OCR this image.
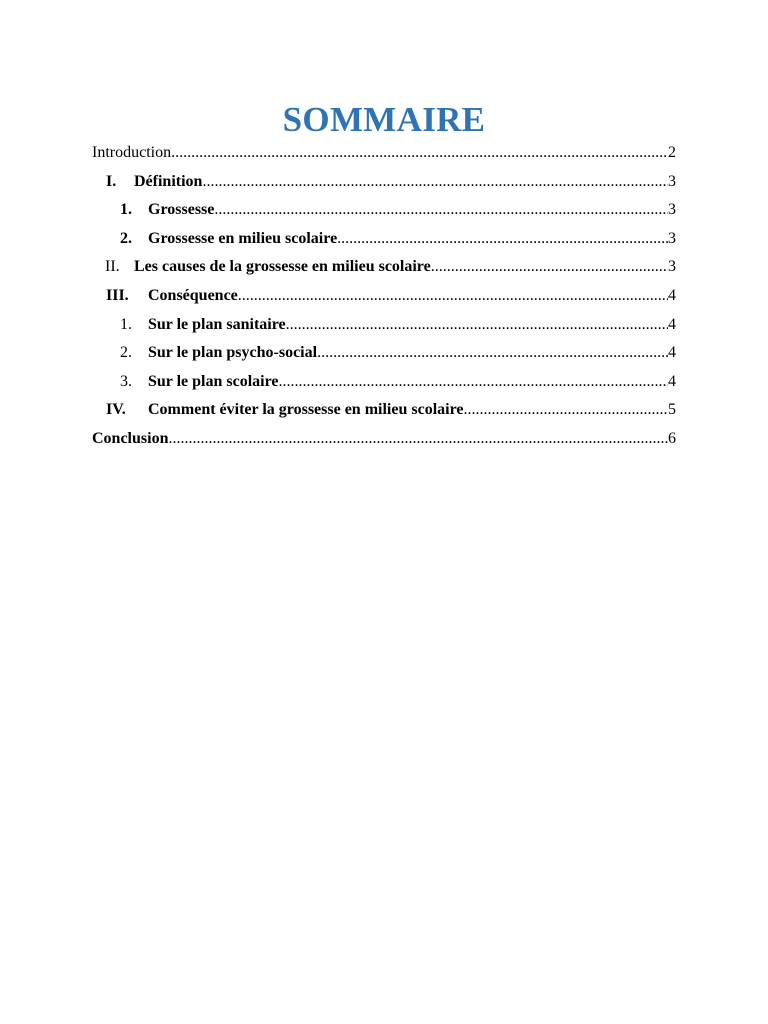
SOMMAIRE
Introduction .....	2
I. Définition .....	3
1. Grossesse .....	3
2. Grossesse en milieu scolaire .....	3
II. Les causes de la grossesse en milieu scolaire .....	3
III.	Conséquence .....	4
1. Sur le plan sanitaire .....	4
2. Sur le plan psycho-social .....	4
3. Sur le plan scolaire .....	4
IV.	Comment éviter la grossesse en milieu scolaire .....	5
Conclusion .....	6
